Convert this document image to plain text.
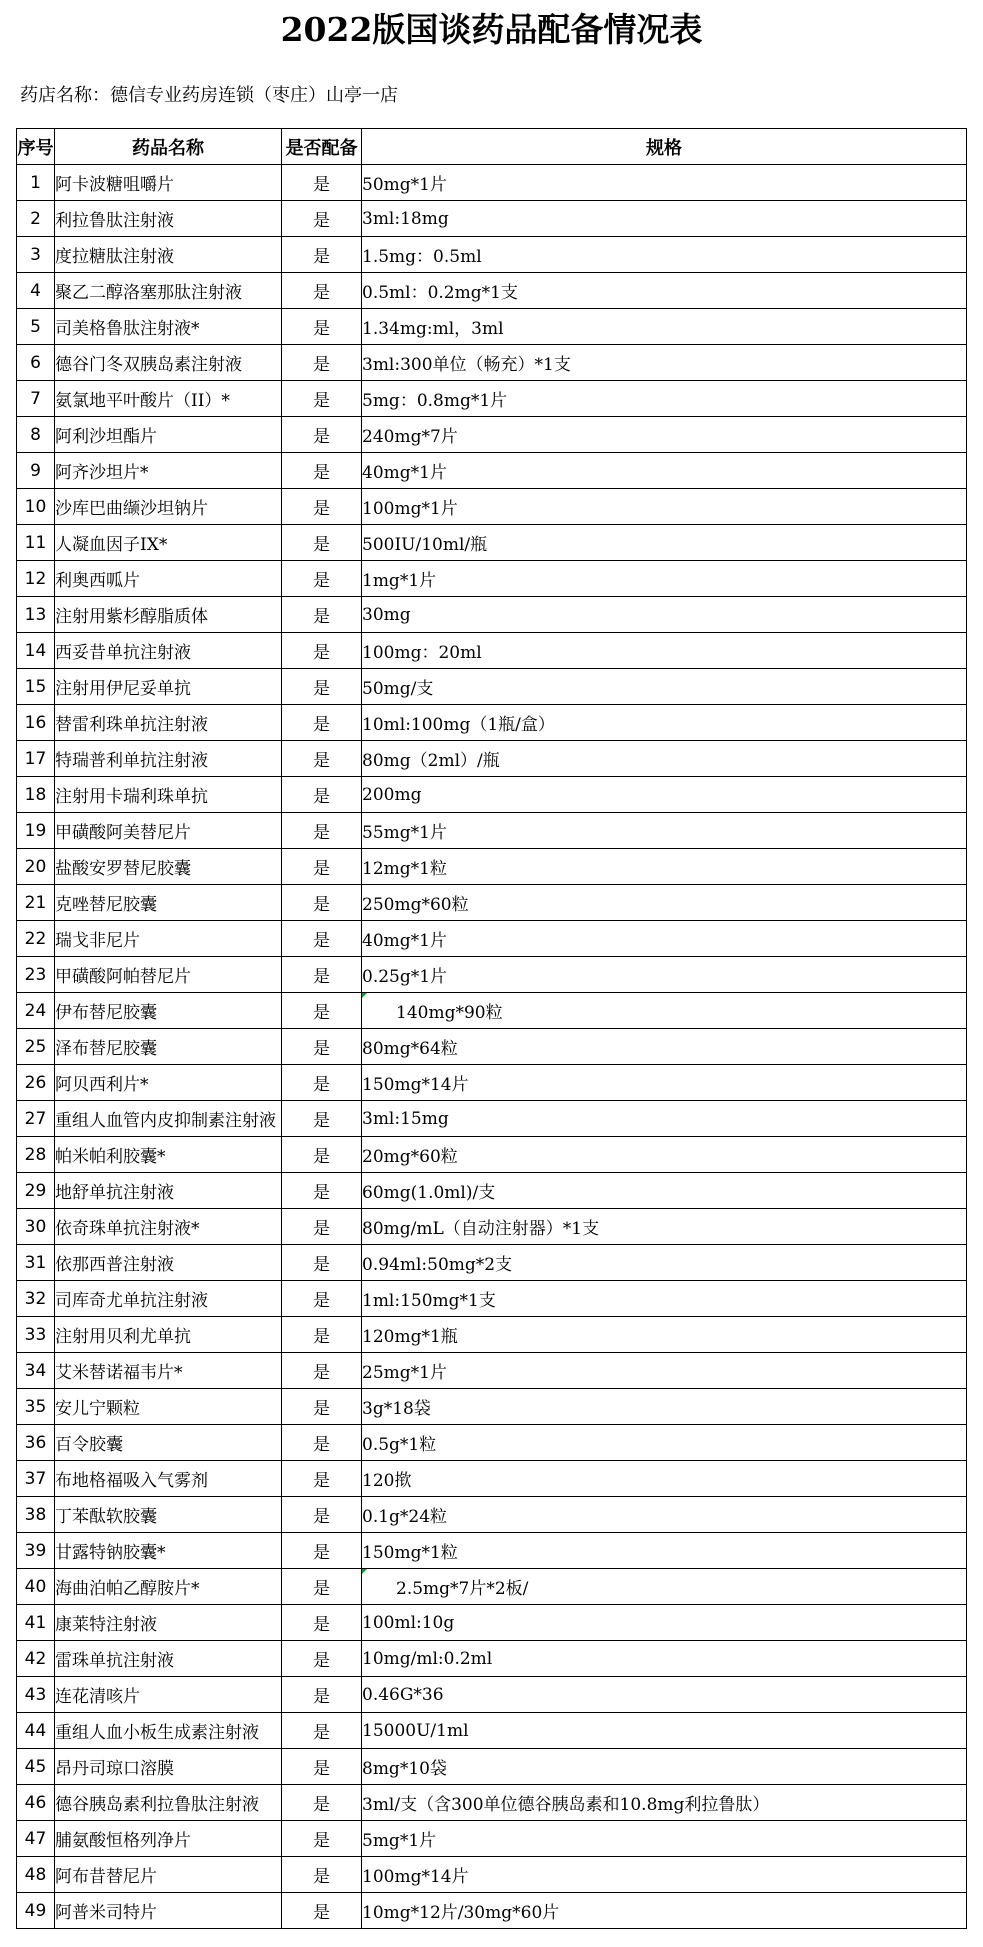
2022版国谈药品配备情况表
药店名称：德信专业药房连锁（枣庄）山亭一店
序号	药品名称	是否配备	规格
1	阿卡波糖咀嚼片	是	50mg*1片
2	利拉鲁肽注射液	是	3ml:18mg
3	度拉糖肽注射液	是	1.5mg：0.5ml
4	聚乙二醇洛塞那肽注射液	是	0.5ml：0.2mg*1支
5	司美格鲁肽注射液*	是	1.34mg:ml，3ml
6	德谷门冬双胰岛素注射液	是	3ml:300单位（畅充）*1支
7	氨氯地平叶酸片（II）*	是	5mg：0.8mg*1片
8	阿利沙坦酯片	是	240mg*7片
9	阿齐沙坦片*	是	40mg*1片
10	沙库巴曲缬沙坦钠片	是	100mg*1片
11	人凝血因子IX*	是	500IU/10ml/瓶
12	利奥西呱片	是	1mg*1片
13	注射用紫杉醇脂质体	是	30mg
14	西妥昔单抗注射液	是	100mg：20ml
15	注射用伊尼妥单抗	是	50mg/支
16	替雷利珠单抗注射液	是	10ml:100mg（1瓶/盒）
17	特瑞普利单抗注射液	是	80mg（2ml）/瓶
18	注射用卡瑞利珠单抗	是	200mg
19	甲磺酸阿美替尼片	是	55mg*1片
20	盐酸安罗替尼胶囊	是	12mg*1粒
21	克唑替尼胶囊	是	250mg*60粒
22	瑞戈非尼片	是	40mg*1片
23	甲磺酸阿帕替尼片	是	0.25g*1片
24	伊布替尼胶囊	是	140mg*90粒

25	泽布替尼胶囊	是	80mg*64粒
26	阿贝西利片*	是	150mg*14片
27	重组人血管内皮抑制素注射液	是	3ml:15mg
28	帕米帕利胶囊*	是	20mg*60粒
29	地舒单抗注射液	是	60mg(1.0ml)/支
30	依奇珠单抗注射液*	是	80mg/mL（自动注射器）*1支
31	依那西普注射液	是	0.94ml:50mg*2支
32	司库奇尤单抗注射液	是	1ml:150mg*1支
33	注射用贝利尤单抗	是	120mg*1瓶
34	艾米替诺福韦片*	是	25mg*1片
35	安儿宁颗粒	是	3g*18袋
36	百令胶囊	是	0.5g*1粒
37	布地格福吸入气雾剂	是	120揿
38	丁苯酞软胶囊	是	0.1g*24粒
39	甘露特钠胶囊*	是	150mg*1粒
40	海曲泊帕乙醇胺片*	是	2.5mg*7片*2板/

41	康莱特注射液	是	100ml:10g
42	雷珠单抗注射液	是	10mg/ml:0.2ml
43	连花清咳片	是	0.46G*36
44	重组人血小板生成素注射液	是	15000U/1ml
45	昂丹司琼口溶膜	是	8mg*10袋
46	德谷胰岛素利拉鲁肽注射液	是	3ml/支（含300单位德谷胰岛素和10.8mg利拉鲁肽）
47	脯氨酸恒格列净片	是	5mg*1片
48	阿布昔替尼片	是	100mg*14片
49	阿普米司特片	是	10mg*12片/30mg*60片
